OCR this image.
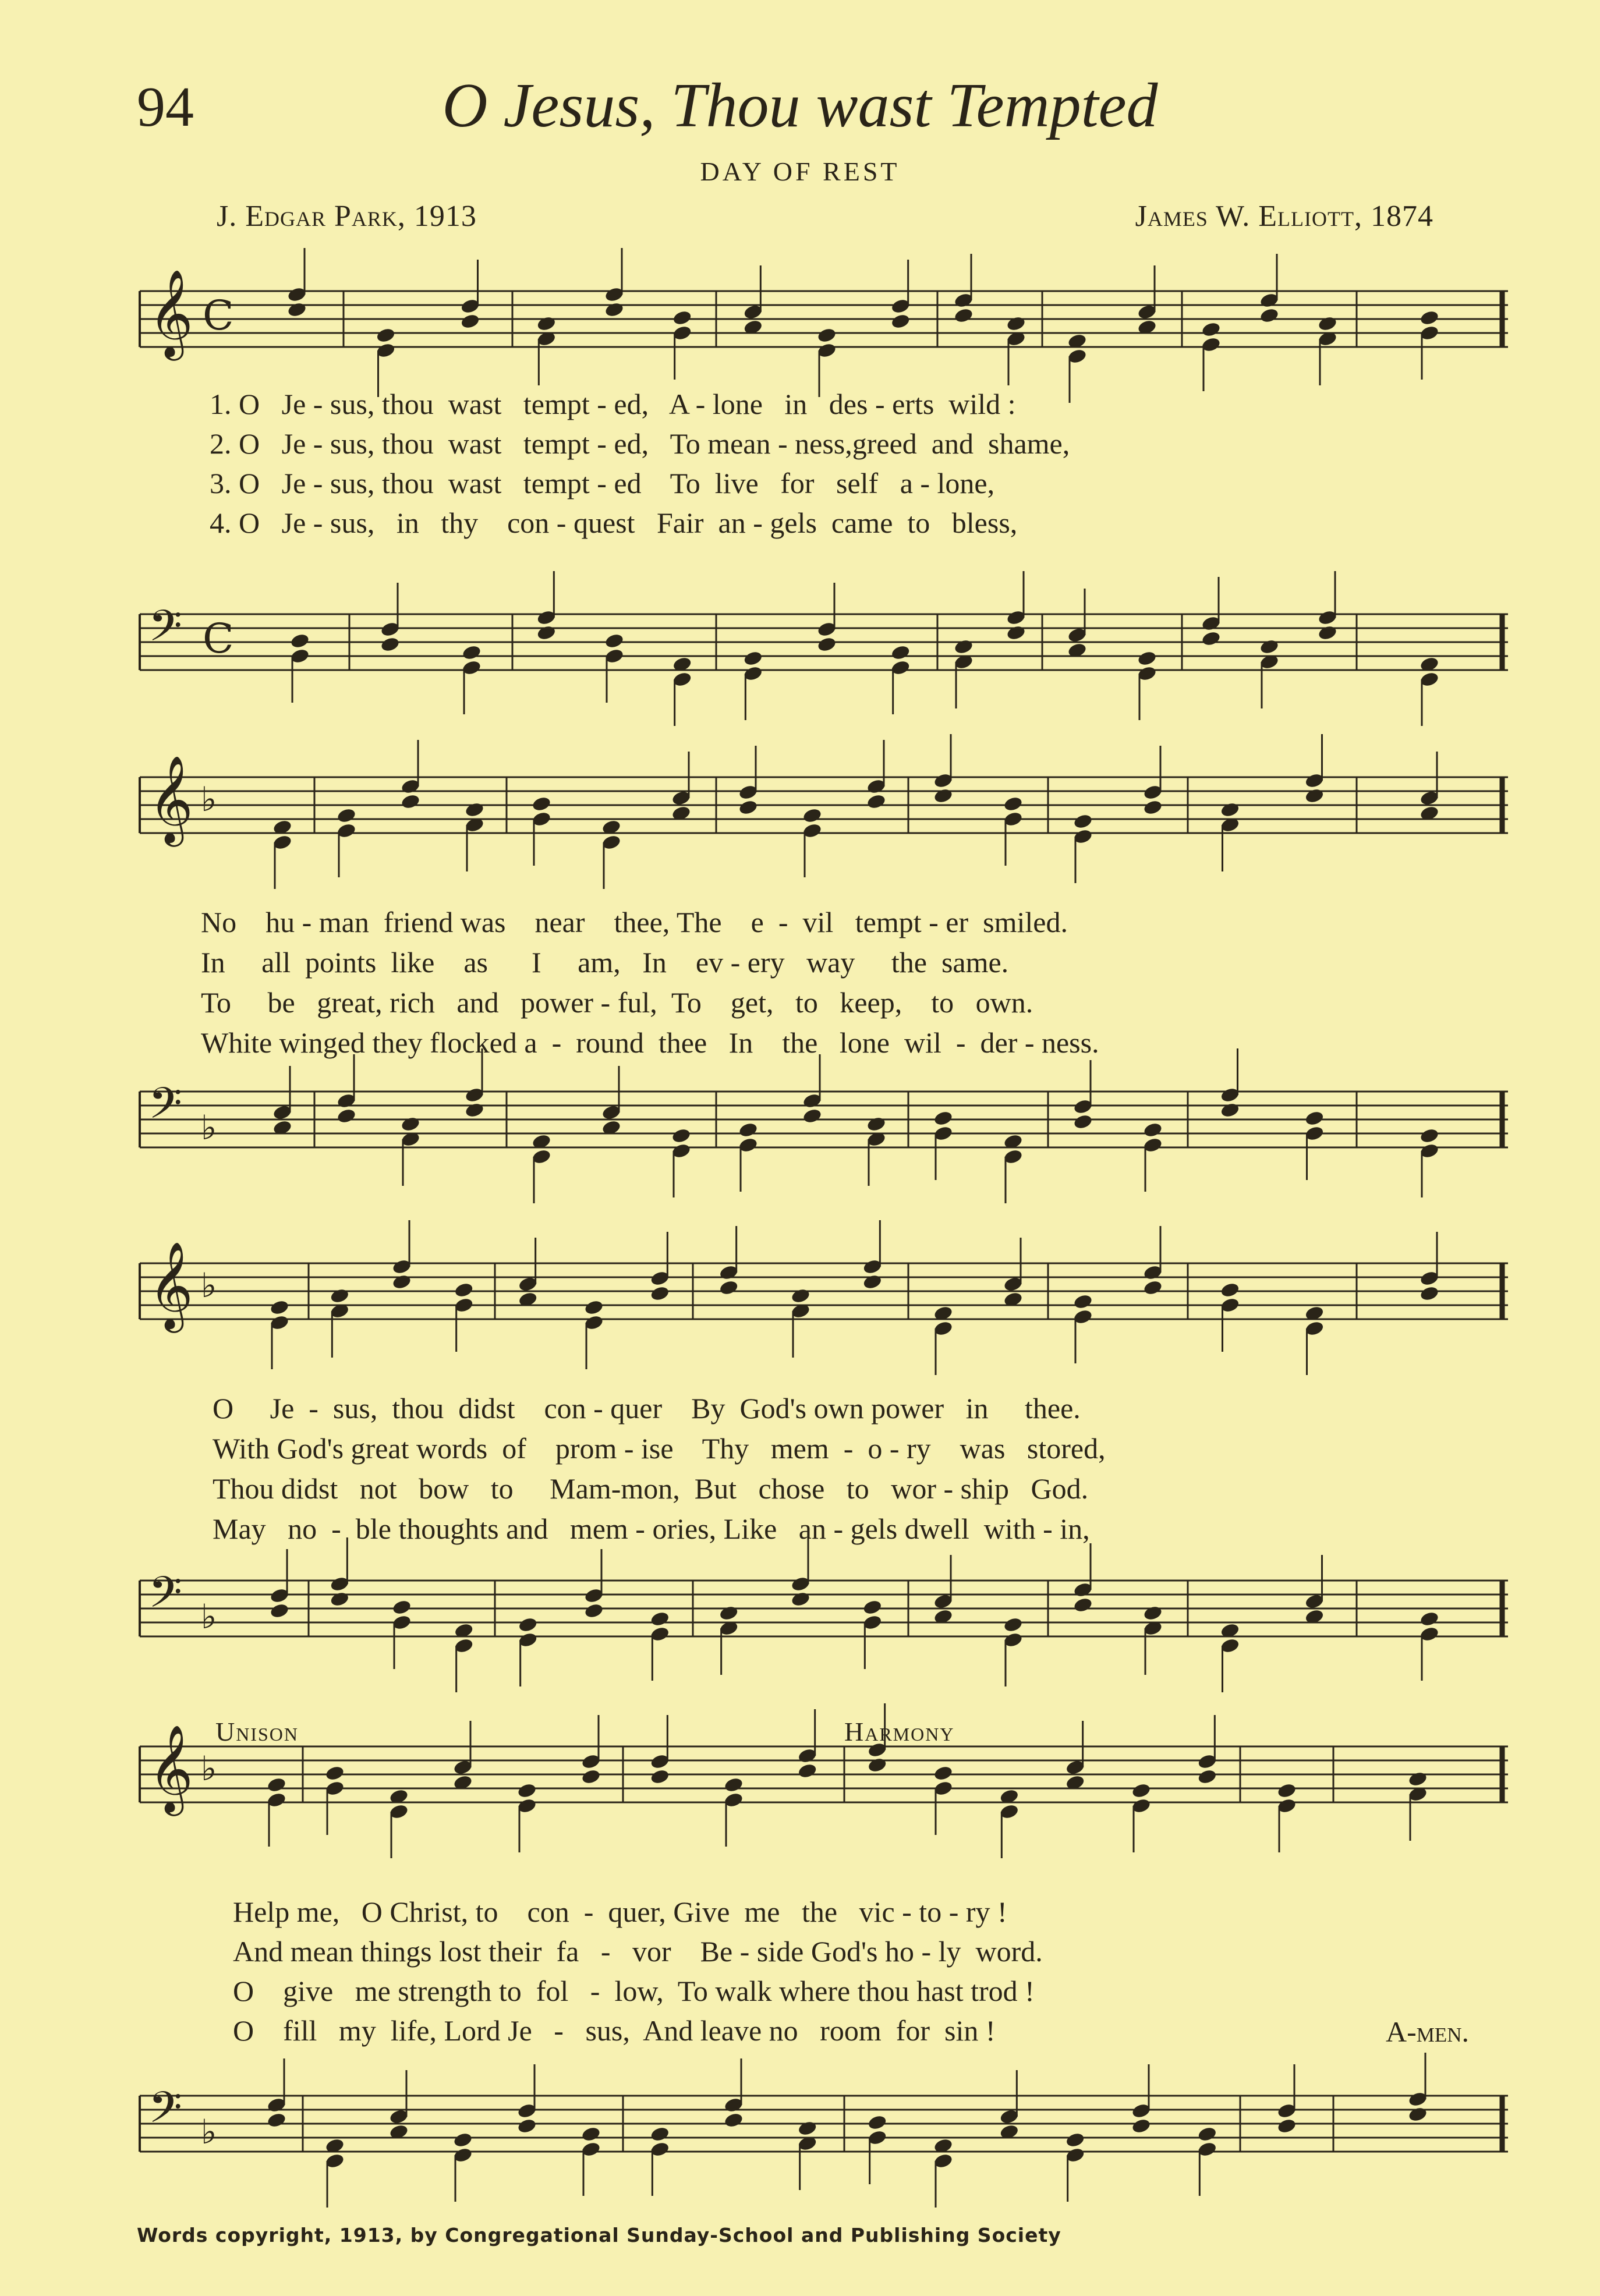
94	O Jesus, Thou wast Tempted
DAY OF REST
J. Edgar Park, 1913	James W. Elliott, 1874
𝄞 C
𝄢 C
𝄞 ♭
𝄢 ♭
𝄞 ♭
𝄢 ♭
𝄞 ♭
𝄢 ♭
1. O   Je - sus, thou  wast   tempt - ed,   A - lone   in   des - erts  wild :
2. O   Je - sus, thou  wast   tempt - ed,   To mean - ness,greed  and  shame,
3. O   Je - sus, thou  wast   tempt - ed    To  live   for   self   a - lone,
4. O   Je - sus,   in   thy    con - quest   Fair  an - gels  came  to   bless,
No    hu - man  friend was    near    thee, The    e  -  vil   tempt - er  smiled.
In     all  points  like    as      I     am,   In    ev - ery   way     the  same.
To     be   great, rich   and   power - ful,  To    get,   to   keep,    to   own.
White winged they flocked a  -  round  thee   In    the   lone  wil  -  der - ness.
O     Je  -  sus,  thou  didst    con - quer    By  God's own power   in     thee.
With God's great words  of    prom - ise    Thy   mem  -  o - ry    was   stored,
Thou didst   not   bow   to     Mam-mon,  But   chose   to   wor - ship   God.
May   no  -  ble thoughts and   mem - ories, Like   an - gels dwell  with - in,
Unison	Harmony
Help me,   O Christ, to    con  -  quer, Give  me   the   vic - to - ry !
And mean things lost their  fa   -   vor    Be - side God's ho - ly  word.
O    give   me strength to  fol   -  low,  To walk where thou hast trod !
O    fill   my  life, Lord Je   -   sus,  And leave no   room  for  sin !	A-men.
Words copyright, 1913, by Congregational Sunday-School and Publishing Society
